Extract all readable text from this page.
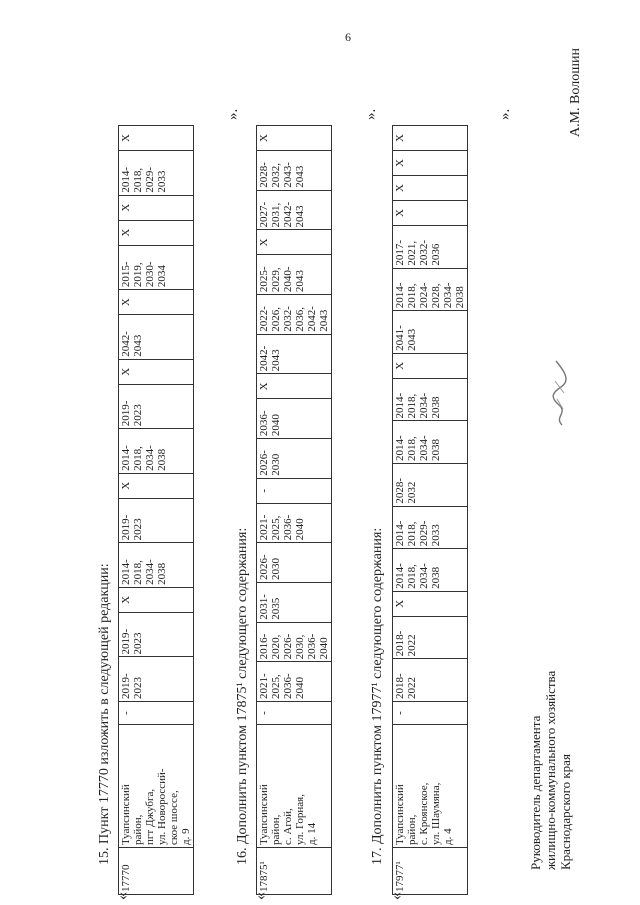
6
15. Пункт 17770 изложить в следующей редакции:
«
17770	Туапсинский
район,
пгт Джубга,
ул. Новороссий-
ское шоссе,
д. 9	-	2019-
2023	2019-
2023	X	2014-
2018,
2034-
2038	2019-
2023	X	2014-
2018,
2034-
2038	2019-
2023	X	2042-
2043	X	2015-
2019,
2030-
2034	X	X	2014-
2018,
2029-
2033	X
».
16. Дополнить пунктом 17875¹ следующего содержания:
«
17875¹	Туапсинский
район,
с. Агой,
ул. Горная,
д. 14	-	2021-
2025,
2036-
2040	2016-
2020,
2026-
2030,
2036-
2040	2031-
2035	2026-
2030	2021-
2025,
2036-
2040	-	2026-
2030	2036-
2040	X	2042-
2043	2022-
2026,
2032-
2036,
2042-
2043	2025-
2029,
2040-
2043	X	2027-
2031,
2042-
2043	2028-
2032,
2043-
2043	X
».
17. Дополнить пунктом 17977¹ следующего содержания:
«
17977¹	Туапсинский
район,
с. Кроянское,
ул. Шаумяна,
д. 4	-	2018-
2022	2018-
2022	X	2014-
2018,
2034-
2038	2014-
2018,
2029-
2033	2028-
2032	2014-
2018,
2034-
2038	2014-
2018,
2034-
2038	X	2041-
2043	2014-
2018,
2024-
2028,
2034-
2038	2017-
2021,
2032-
2036	X	X	X	X
».
Руководитель департамента
жилищно-коммунального хозяйства
Краснодарского края
А.М. Волошин
